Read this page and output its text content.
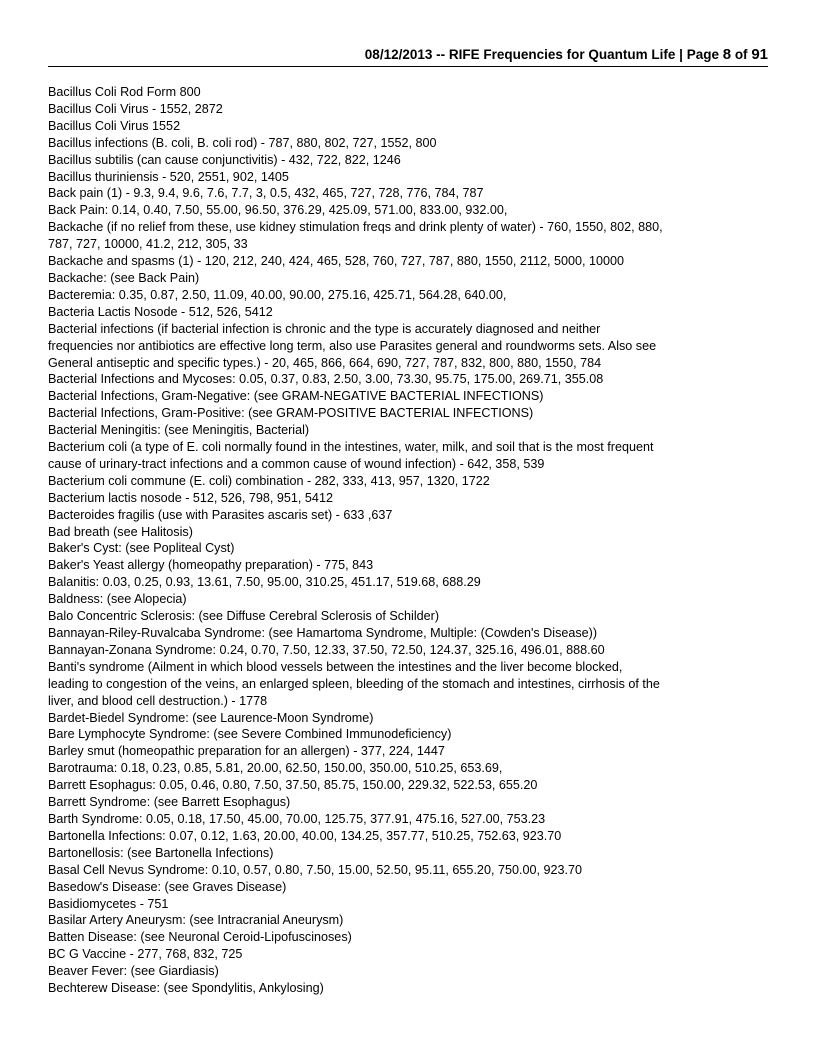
08/12/2013 -- RIFE Frequencies for Quantum Life | Page 8 of 91
Bacillus Coli Rod Form 800
Bacillus Coli Virus - 1552, 2872
Bacillus Coli Virus 1552
Bacillus infections (B. coli, B. coli rod) - 787, 880, 802, 727, 1552, 800
Bacillus subtilis (can cause conjunctivitis) - 432, 722, 822, 1246
Bacillus thuriniensis - 520, 2551, 902, 1405
Back pain (1) - 9.3, 9.4, 9.6, 7.6, 7.7, 3, 0.5, 432, 465, 727, 728, 776, 784, 787
Back Pain: 0.14, 0.40, 7.50, 55.00, 96.50, 376.29, 425.09, 571.00, 833.00, 932.00,
Backache (if no relief from these, use kidney stimulation freqs and drink plenty of water) - 760, 1550, 802, 880,
787, 727, 10000, 41.2, 212, 305, 33
Backache and spasms (1) - 120, 212, 240, 424, 465, 528, 760, 727, 787, 880, 1550, 2112, 5000, 10000
Backache: (see Back Pain)
Bacteremia: 0.35, 0.87, 2.50, 11.09, 40.00, 90.00, 275.16, 425.71, 564.28, 640.00,
Bacteria Lactis Nosode - 512, 526, 5412
Bacterial infections (if bacterial infection is chronic and the type is accurately diagnosed and neither
frequencies nor antibiotics are effective long term, also use Parasites general and roundworms sets. Also see
General antiseptic and specific types.) - 20, 465, 866, 664, 690, 727, 787, 832, 800, 880, 1550, 784
Bacterial Infections and Mycoses: 0.05, 0.37, 0.83, 2.50, 3.00, 73.30, 95.75, 175.00, 269.71, 355.08
Bacterial Infections, Gram-Negative: (see GRAM-NEGATIVE BACTERIAL INFECTIONS)
Bacterial Infections, Gram-Positive: (see GRAM-POSITIVE BACTERIAL INFECTIONS)
Bacterial Meningitis: (see Meningitis, Bacterial)
Bacterium coli (a type of E. coli normally found in the intestines, water, milk, and soil that is the most frequent
cause of urinary-tract infections and a common cause of wound infection) - 642, 358, 539
Bacterium coli commune (E. coli) combination - 282, 333, 413, 957, 1320, 1722
Bacterium lactis nosode - 512, 526, 798, 951, 5412
Bacteroides fragilis (use with Parasites ascaris set) - 633 ,637
Bad breath (see Halitosis)
Baker's Cyst: (see Popliteal Cyst)
Baker's Yeast allergy (homeopathy preparation) - 775, 843
Balanitis: 0.03, 0.25, 0.93, 13.61, 7.50, 95.00, 310.25, 451.17, 519.68, 688.29
Baldness: (see Alopecia)
Balo Concentric Sclerosis: (see Diffuse Cerebral Sclerosis of Schilder)
Bannayan-Riley-Ruvalcaba Syndrome: (see Hamartoma Syndrome, Multiple: (Cowden's Disease))
Bannayan-Zonana Syndrome: 0.24, 0.70, 7.50, 12.33, 37.50, 72.50, 124.37, 325.16, 496.01, 888.60
Banti's syndrome (Ailment in which blood vessels between the intestines and the liver become blocked,
leading to congestion of the veins, an enlarged spleen, bleeding of the stomach and intestines, cirrhosis of the
liver, and blood cell destruction.) - 1778
Bardet-Biedel Syndrome: (see Laurence-Moon Syndrome)
Bare Lymphocyte Syndrome: (see Severe Combined Immunodeficiency)
Barley smut (homeopathic preparation for an allergen) - 377, 224, 1447
Barotrauma: 0.18, 0.23, 0.85, 5.81, 20.00, 62.50, 150.00, 350.00, 510.25, 653.69,
Barrett Esophagus: 0.05, 0.46, 0.80, 7.50, 37.50, 85.75, 150.00, 229.32, 522.53, 655.20
Barrett Syndrome: (see Barrett Esophagus)
Barth Syndrome: 0.05, 0.18, 17.50, 45.00, 70.00, 125.75, 377.91, 475.16, 527.00, 753.23
Bartonella Infections: 0.07, 0.12, 1.63, 20.00, 40.00, 134.25, 357.77, 510.25, 752.63, 923.70
Bartonellosis: (see Bartonella Infections)
Basal Cell Nevus Syndrome: 0.10, 0.57, 0.80, 7.50, 15.00, 52.50, 95.11, 655.20, 750.00, 923.70
Basedow's Disease: (see Graves Disease)
Basidiomycetes - 751
Basilar Artery Aneurysm: (see Intracranial Aneurysm)
Batten Disease: (see Neuronal Ceroid-Lipofuscinoses)
BC G Vaccine - 277, 768, 832, 725
Beaver Fever: (see Giardiasis)
Bechterew Disease: (see Spondylitis, Ankylosing)
